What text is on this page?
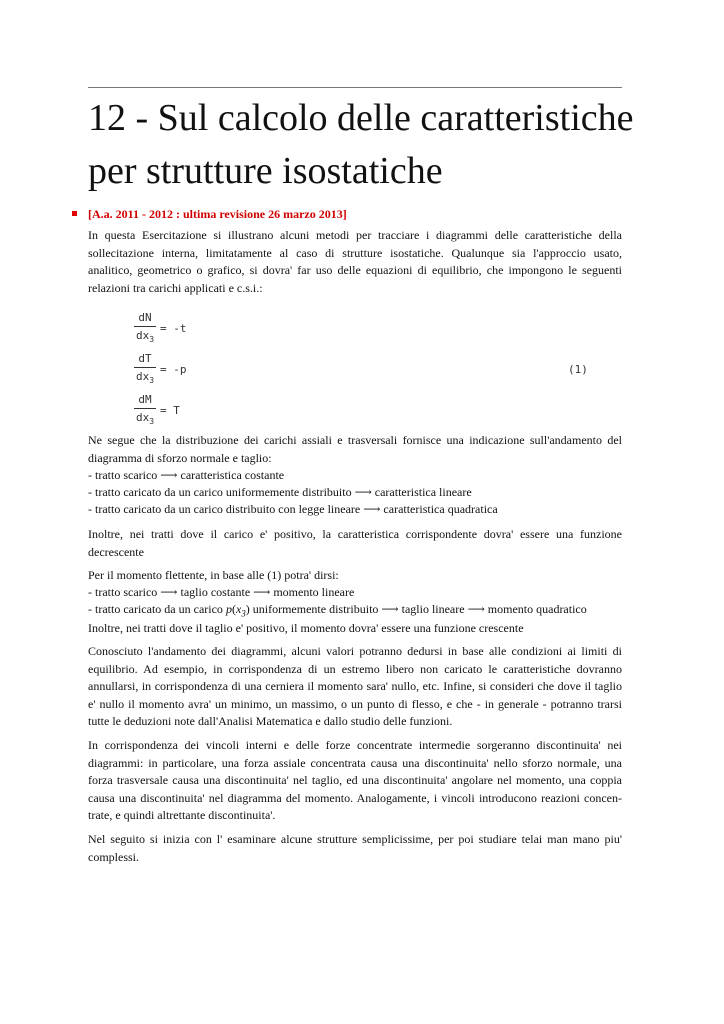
12 - Sul calcolo delle caratteristiche
per strutture isostatiche
[A.a. 2011 - 2012 : ultima revisione 26 marzo 2013]

In questa Esercitazione si illustrano alcuni metodi per tracciare i diagrammi delle caratteristiche della
sollecitazione interna, limitatamente al caso di strutture isostatiche. Qualunque sia l'approccio usato,
analitico, geometrico o grafico, si dovra' far uso delle equazioni di equilibrio, che impongono le seguenti
relazioni tra carichi applicati e c.s.i.:

dN
$dx_3$
= -t
dT
$dx_3$
= -p	(1)
dM
$dx_3$
= T

Ne segue che la distribuzione dei carichi assiali e trasversali fornisce una indicazione sull'andamento del
diagramma di sforzo normale e taglio:

- tratto scarico ⟶ caratteristica costante
- tratto caricato da un carico uniformemente distribuito ⟶ caratteristica lineare
- tratto caricato da un carico distribuito con legge lineare ⟶ caratteristica quadratica

Inoltre, nei tratti dove il carico e' positivo, la caratteristica corrispondente dovra' essere una funzione
decrescente

Per il momento flettente, in base alle (1) potra' dirsi:
- tratto scarico ⟶ taglio costante ⟶ momento lineare
- tratto caricato da un carico $p(x_3)$ uniformemente distribuito ⟶ taglio lineare ⟶ momento quadratico
Inoltre, nei tratti dove il taglio e' positivo, il momento dovra' essere una funzione crescente

Conosciuto l'andamento dei diagrammi, alcuni valori potranno dedursi in base alle condizioni ai limiti di
equilibrio. Ad esempio, in corrispondenza di un estremo libero non caricato le caratteristiche dovranno
annullarsi, in corrispondenza di una cerniera il momento sara' nullo, etc. Infine, si consideri che dove il taglio
e' nullo il momento avra' un minimo, un massimo, o un punto di flesso, e che - in generale - potranno trarsi
tutte le deduzioni note dall'Analisi Matematica e dallo studio delle funzioni.

In corrispondenza dei vincoli interni e delle forze concentrate intermedie sorgeranno discontinuita' nei
diagrammi: in particolare, una forza assiale concentrata causa una discontinuita' nello sforzo normale, una
forza trasversale causa una discontinuita' nel taglio, ed una discontinuita' angolare nel momento, una coppia
causa una discontinuita' nel diagramma del momento. Analogamente, i vincoli introducono reazioni concen-
trate, e quindi altrettante discontinuita'.

Nel seguito si inizia con l' esaminare alcune strutture semplicissime, per poi studiare telai man mano piu'
complessi.
